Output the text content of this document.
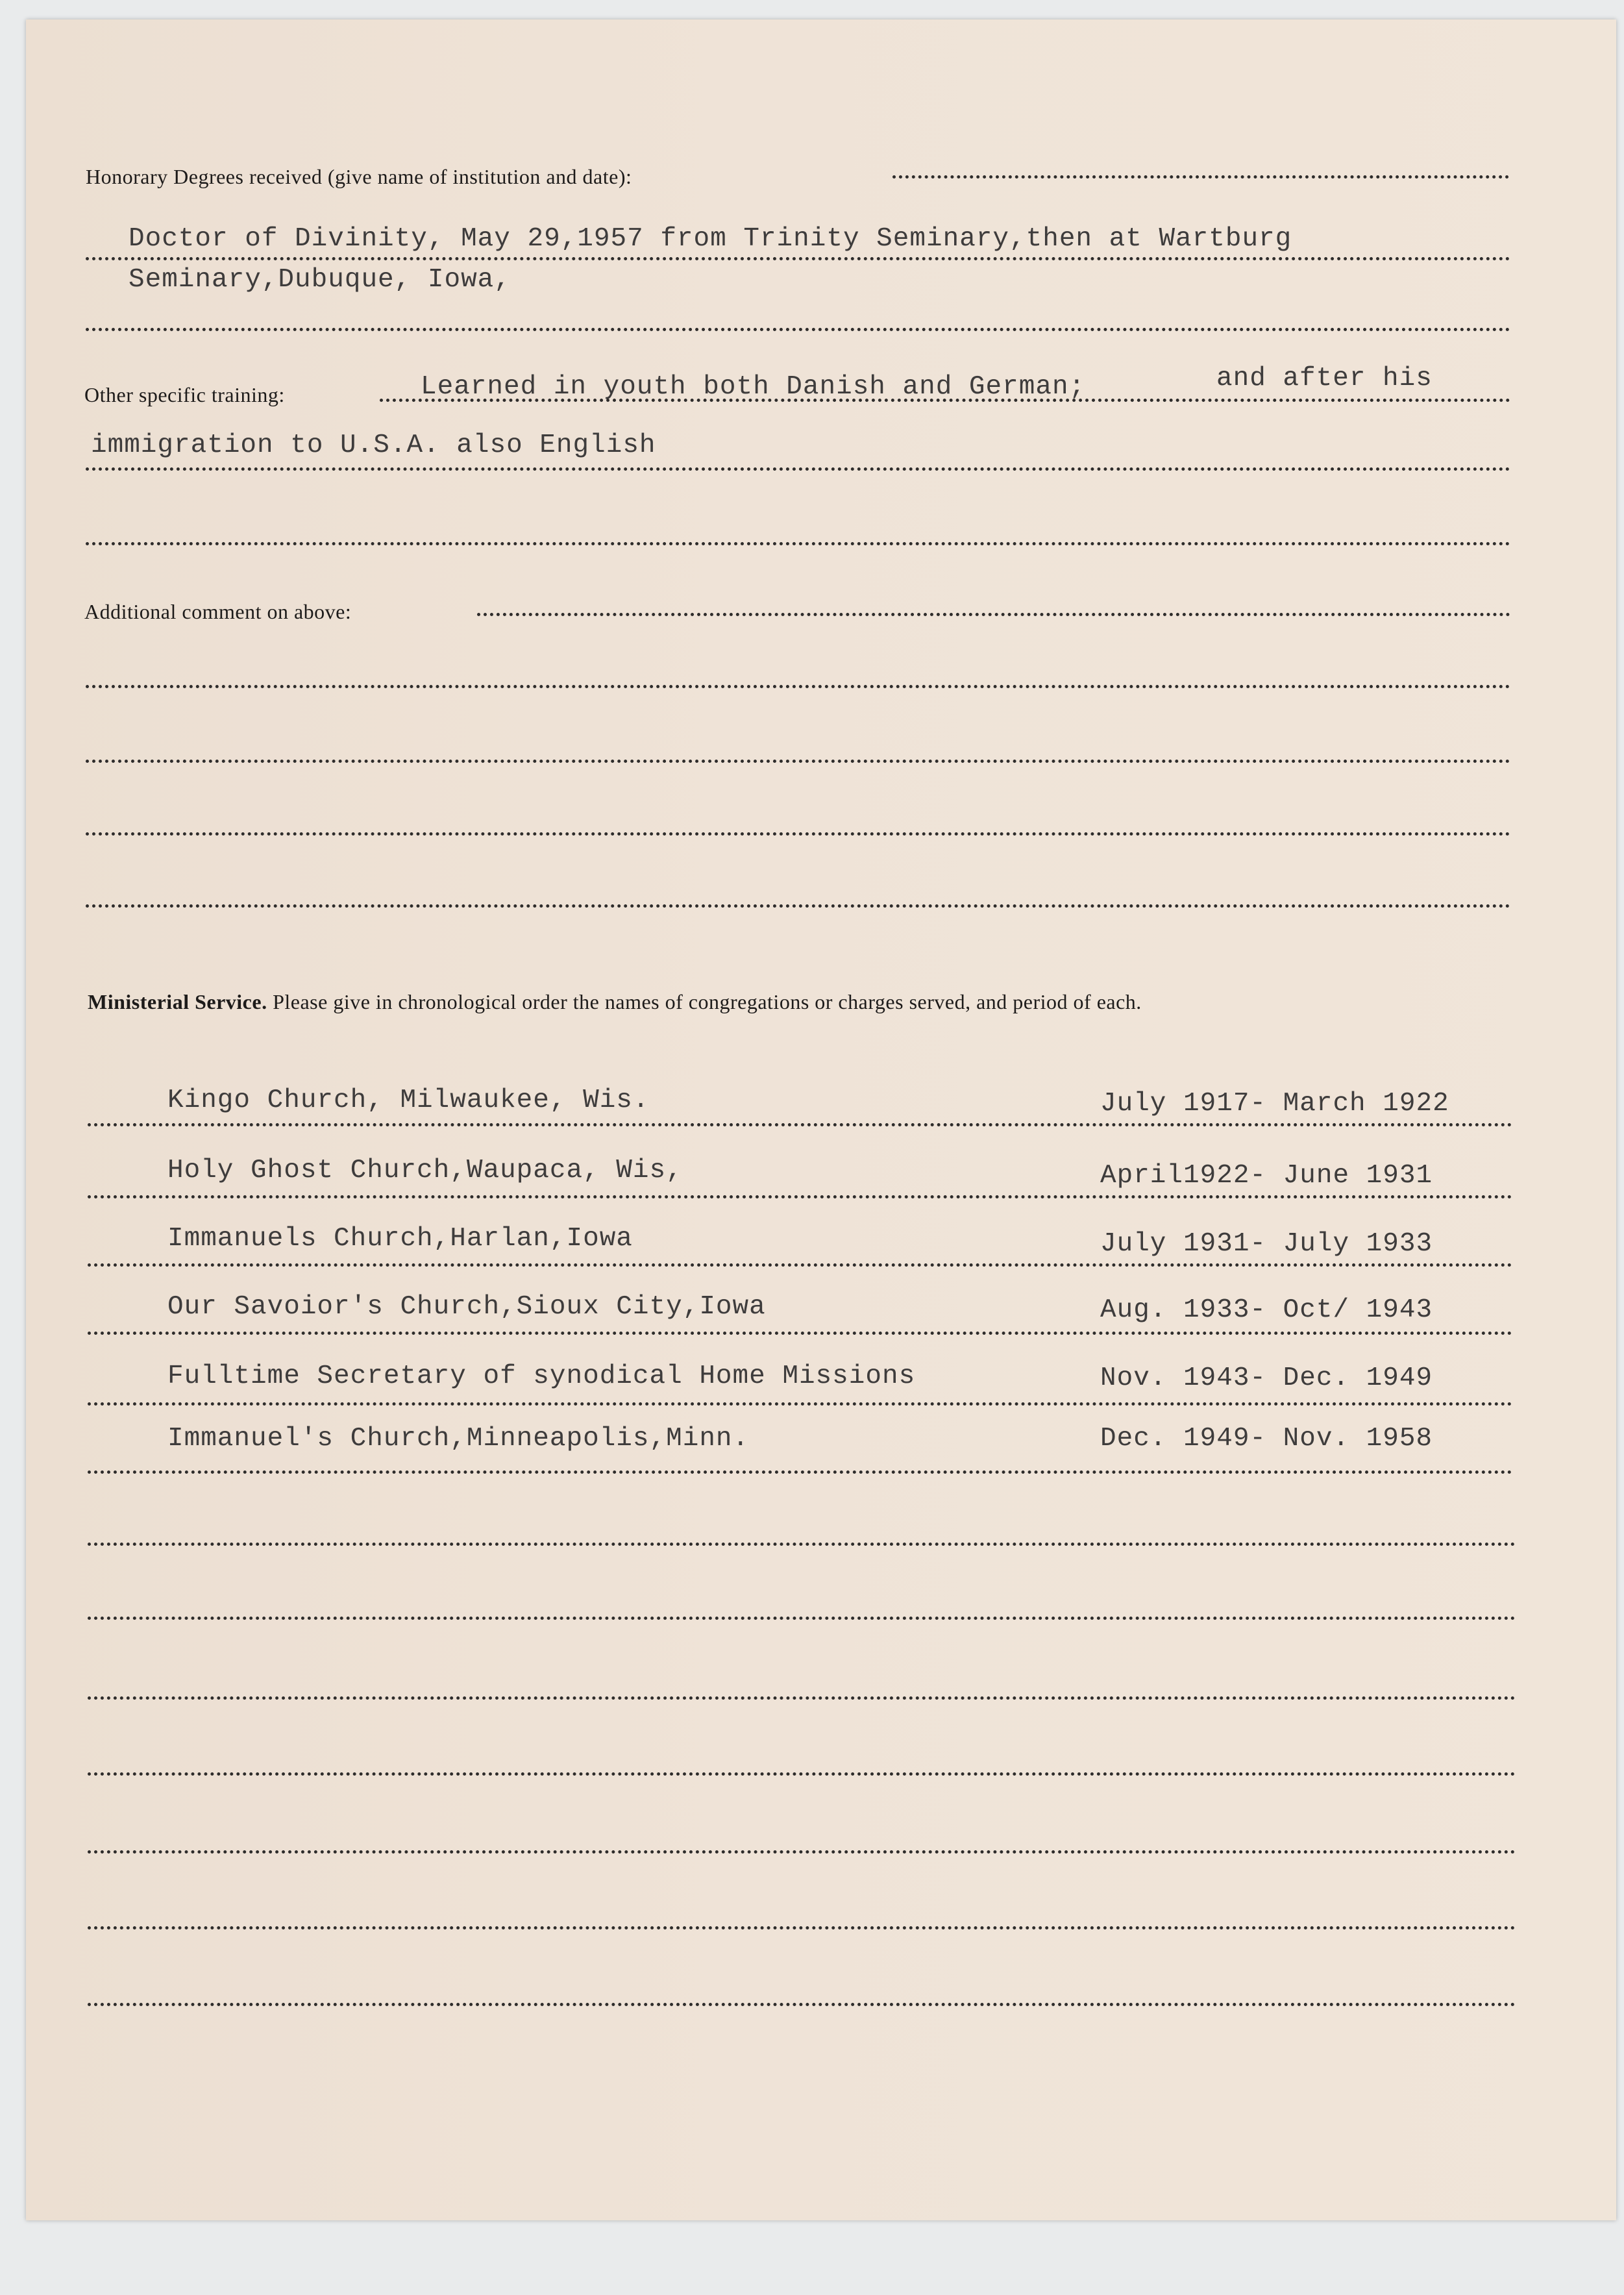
Honorary Degrees received (give name of institution and date):
Doctor of Divinity, May 29,1957 from Trinity Seminary,then at Wartburg
Seminary,Dubuque, Iowa,
Other specific training:	Learned in youth both Danish and German;	and after his
immigration to U.S.A. also English
Additional comment on above:
Ministerial Service. Please give in chronological order the names of congregations or charges served, and period of each.
Kingo Church, Milwaukee, Wis.	July 1917- March 1922
Holy Ghost Church,Waupaca, Wis,	April1922- June 1931
Immanuels Church,Harlan,Iowa	July 1931- July 1933
Our Savoior's Church,Sioux City,Iowa	Aug. 1933- Oct/ 1943
Fulltime Secretary of synodical Home Missions	Nov. 1943- Dec. 1949
Immanuel's Church,Minneapolis,Minn.	Dec. 1949- Nov. 1958
